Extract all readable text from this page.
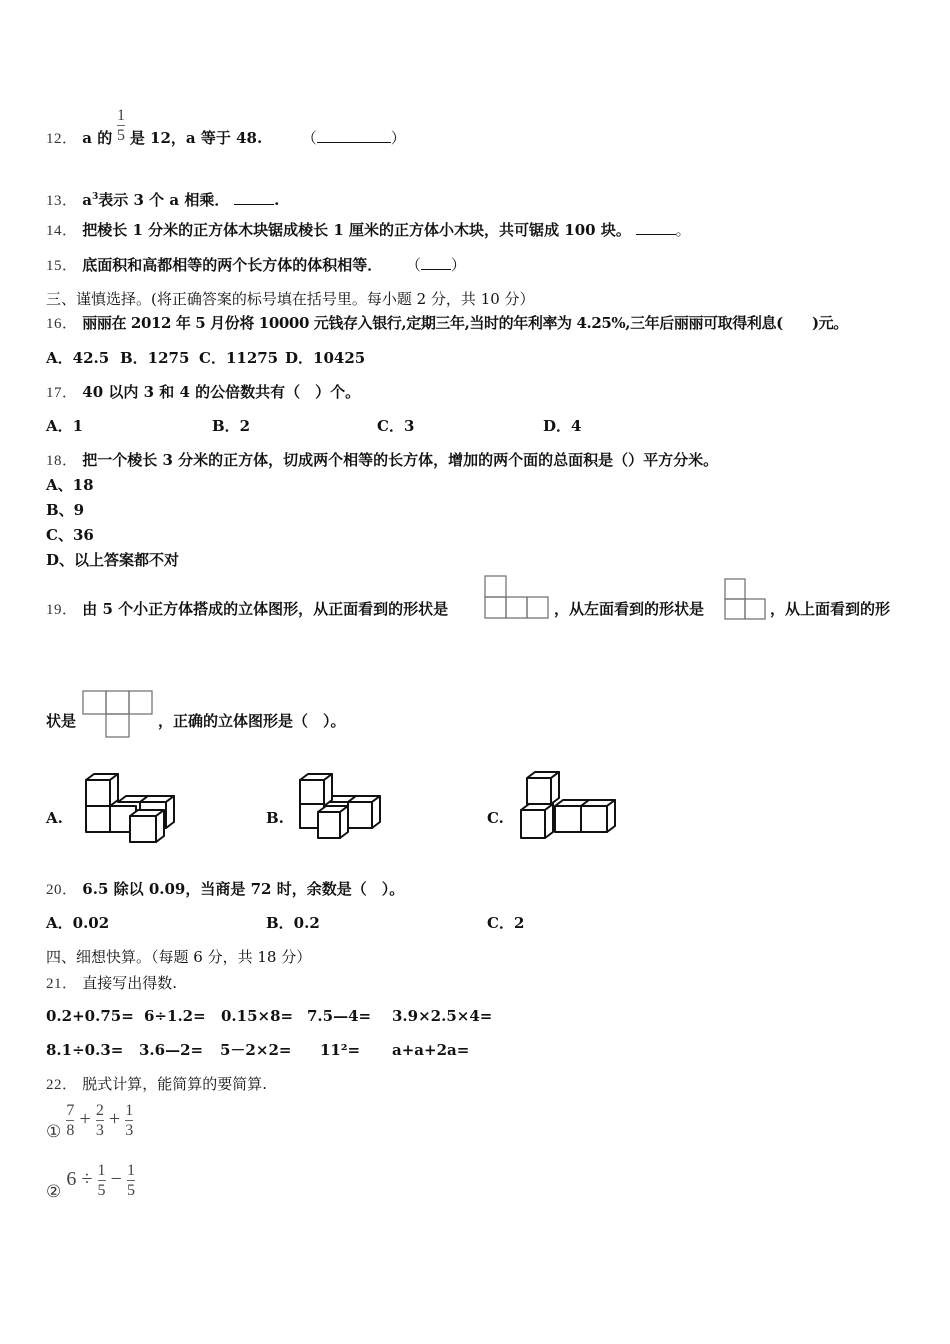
12． a 的 $\frac{1}{5}$ 是 12，a 等于 48.	（	）
13． $a^3$表示 3 个 a 相乘．	.
14． 把棱长 1 分米的正方体木块锯成棱长 1 厘米的正方体小木块，共可锯成 100 块。	。
15． 底面积和高都相等的两个长方体的体积相等． （ ）
三、谨慎选择。(将正确答案的标号填在括号里。每小题 2 分，共 10 分）
16． 丽丽在 2012 年 5 月份将 10000 元钱存入银行,定期三年,当时的年利率为 4.25%,三年后丽丽可取得利息(　　)元。
A．42.5 B．1275 C．11275 D．10425
17． 40 以内 3 和 4 的公倍数共有（　）个。
A．1	B．2	C．3	D．4
18． 把一个棱长 3 分米的正方体，切成两个相等的长方体，增加的两个面的总面积是（）平方分米。
A、18
B、9
C、36
D、以上答案都不对
19． 由 5 个小正方体搭成的立体图形，从正面看到的形状是	，从左面看到的形状是	，从上面看到的形
状是	，正确的立体图形是（　）。
A.	B.	C.
20． 6.5 除以 0.09，当商是 72 时，余数是（　）。
A．0.02	B．0.2	C．2
四、细想快算。（每题 6 分，共 18 分）
21． 直接写出得数.
0.2+0.75= 6÷1.2= 0.15×8= 7.5—4= 3.9×2.5×4=
8.1÷0.3= 3.6—2= 5－2×2= 11²= a+a+2a=
22． 脱式计算，能简算的要简算.
① $\frac{7}{8} + \frac{2}{3} + \frac{1}{3}$
② $6 \div \frac{1}{5} - \frac{1}{5}$
